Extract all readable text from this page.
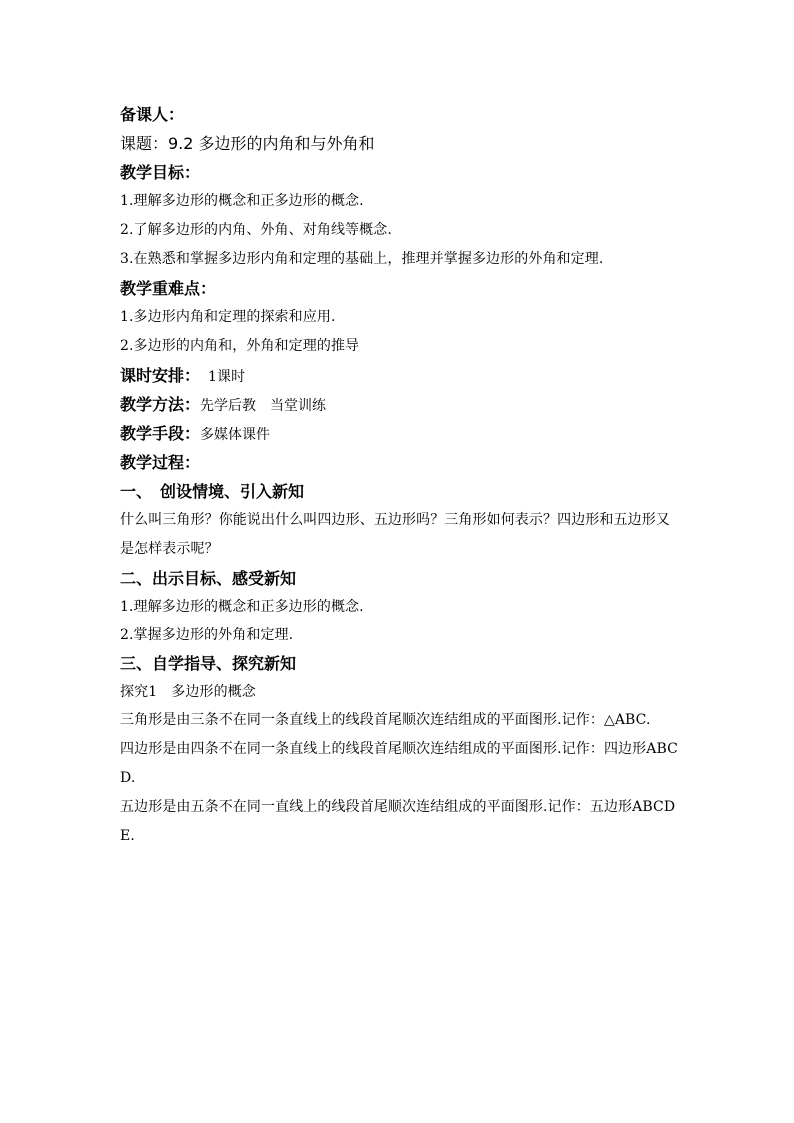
备课人：
课题：9.2 多边形的内角和与外角和
教学目标：
1.理解多边形的概念和正多边形的概念.
2.了解多边形的内角、外角、对角线等概念.
3.在熟悉和掌握多边形内角和定理的基础上，推理并掌握多边形的外角和定理.
教学重难点：
1.多边形内角和定理的探索和应用.
2.多边形的内角和，外角和定理的推导
课时安排： 1课时
教学方法：先学后教　当堂训练
教学手段：多媒体课件
教学过程：
一、　创设情境、引入新知
什么叫三角形？你能说出什么叫四边形、五边形吗？三角形如何表示？四边形和五边形又是怎样表示呢？
二、出示目标、感受新知
1.理解多边形的概念和正多边形的概念.
2.掌握多边形的外角和定理.
三、自学指导、探究新知
探究1　多边形的概念
三角形是由三条不在同一条直线上的线段首尾顺次连结组成的平面图形.记作：△ABC.
四边形是由四条不在同一条直线上的线段首尾顺次连结组成的平面图形.记作：四边形ABCD.
五边形是由五条不在同一直线上的线段首尾顺次连结组成的平面图形.记作：五边形ABCDE.
